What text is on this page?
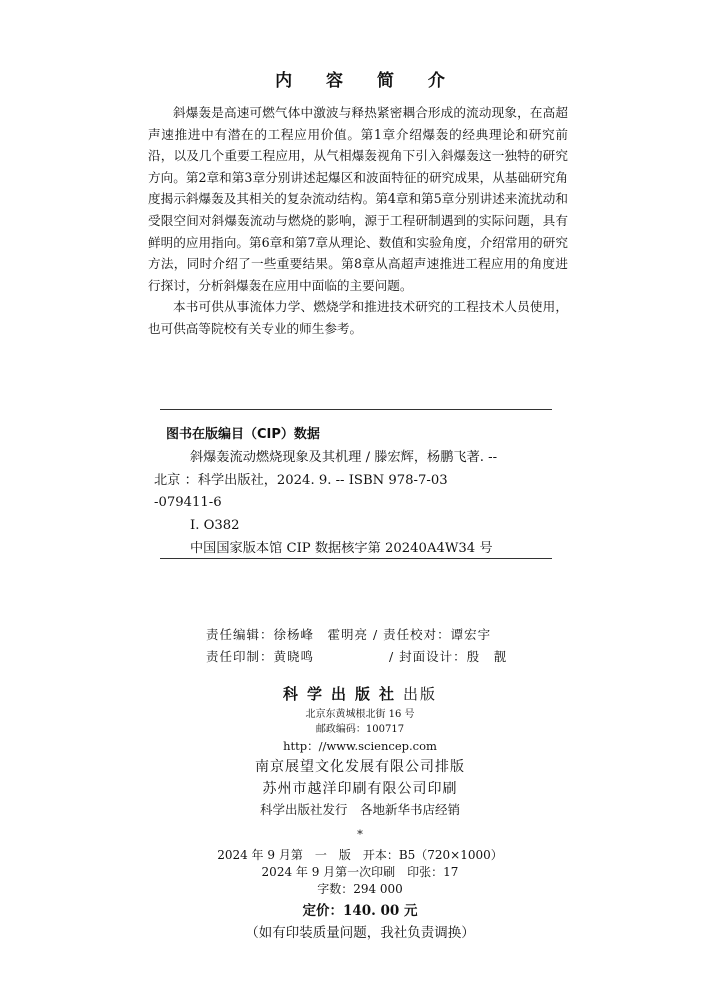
内 容 简 介

斜爆轰是高速可燃气体中激波与释热紧密耦合形成的流动现象，在高超声速推进中有潜在的工程应用价值。第1章介绍爆轰的经典理论和研究前沿，以及几个重要工程应用，从气相爆轰视角下引入斜爆轰这一独特的研究方向。第2章和第3章分别讲述起爆区和波面特征的研究成果，从基础研究角度揭示斜爆轰及其相关的复杂流动结构。第4章和第5章分别讲述来流扰动和受限空间对斜爆轰流动与燃烧的影响，源于工程研制遇到的实际问题，具有鲜明的应用指向。第6章和第7章从理论、数值和实验角度，介绍常用的研究方法，同时介绍了一些重要结果。第8章从高超声速推进工程应用的角度进行探讨，分析斜爆轰在应用中面临的主要问题。

本书可供从事流体力学、燃烧学和推进技术研究的工程技术人员使用，也可供高等院校有关专业的师生参考。

图书在版编目（CIP）数据
斜爆轰流动燃烧现象及其机理 / 滕宏辉，杨鹏飞著. --
北京 ：科学出版社，2024. 9. -- ISBN 978-7-03
-079411-6
Ⅰ. O382
中国国家版本馆 CIP 数据核字第 20240A4W34 号
责任编辑：徐杨峰　霍明亮 / 责任校对：谭宏宇
责任印制：黄晓鸣	/ 封面设计：殷　靓
科学出版社出版
北京东黄城根北街 16 号
邮政编码：100717
http：//www.sciencep.com
南京展望文化发展有限公司排版
苏州市越洋印刷有限公司印刷
科学出版社发行　各地新华书店经销
*
2024 年 9 月第　一　版　开本：B5（720×1000）
2024 年 9 月第一次印刷　印张：17
字数：294 000
定价：140. 00 元
（如有印装质量问题，我社负责调换）
